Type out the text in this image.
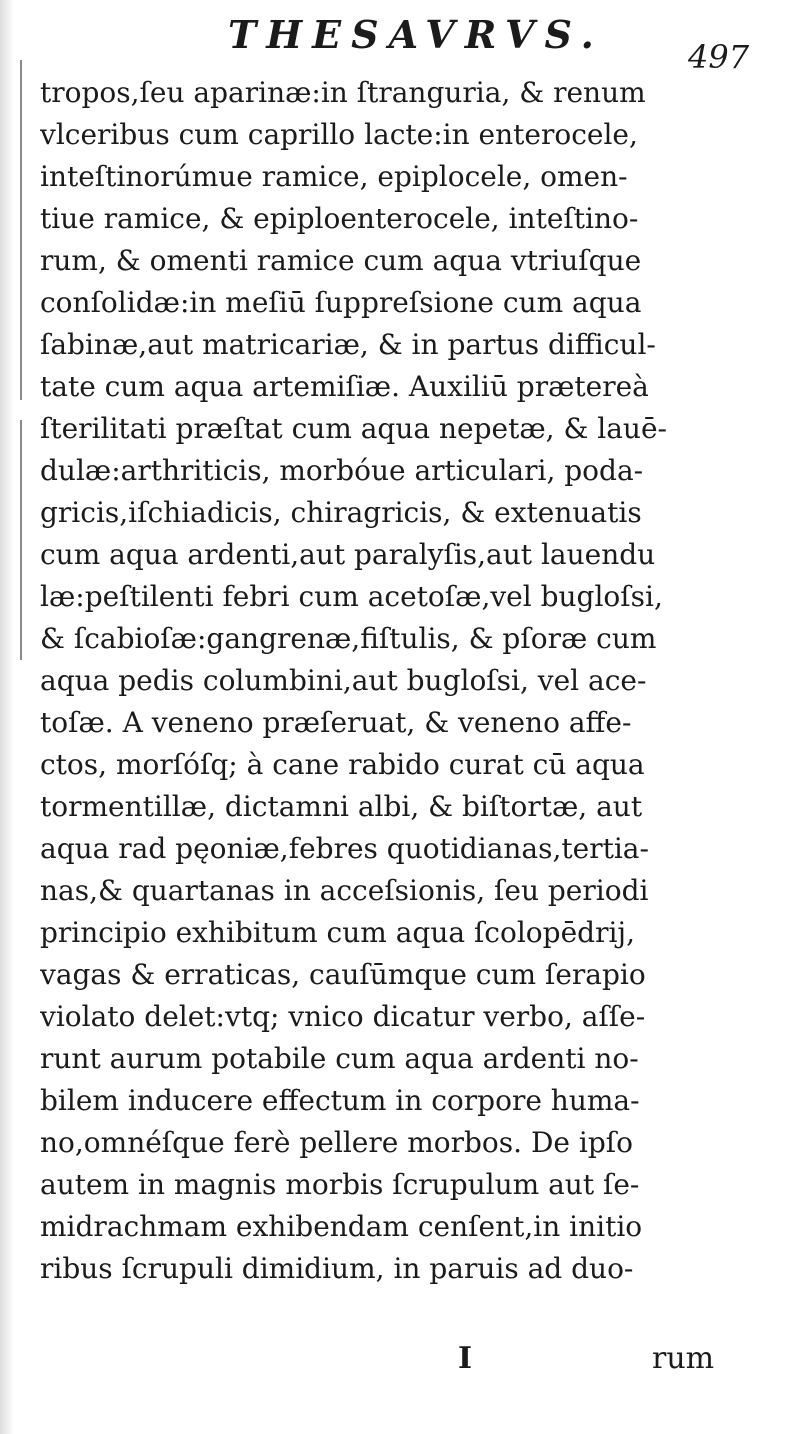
THESAVRVS.	497
tropos,ſeu aparinæ:in ſtranguria, & renum
vlceribus cum caprillo lacte:in enterocele,
inteſtinorúmue ramice, epiplocele, omen-
tiue ramice, & epiploenterocele, inteſtino-
rum, & omenti ramice cum aqua vtriuſque
conſolidæ:in meſiū ſuppreſsione cum aqua
ſabinæ,aut matricariæ, & in partus difficul-
tate cum aqua artemiſiæ. Auxiliū prætereà
ſterilitati præſtat cum aqua nepetæ, & lauē-
dulæ:arthriticis, morbóue articulari, poda-
gricis,iſchiadicis, chiragricis, & extenuatis
cum aqua ardenti,aut paralyſis,aut lauendu
læ:peſtilenti febri cum acetoſæ,vel bugloſsi,
& ſcabioſæ:gangrenæ,fiſtulis, & pſoræ cum
aqua pedis columbini,aut bugloſsi, vel ace-
toſæ. A veneno præſeruat, & veneno affe-
ctos, morſóſq; à cane rabido curat cū aqua
tormentillæ, dictamni albi, & biſtortæ, aut
aqua rad pęoniæ,febres quotidianas,tertia-
nas,& quartanas in acceſsionis, ſeu periodi
principio exhibitum cum aqua ſcolopēdrij,
vagas & erraticas, cauſūmque cum ſerapio
violato delet:vtq; vnico dicatur verbo, aſſe-
runt aurum potabile cum aqua ardenti no-
bilem inducere effectum in corpore huma-
no,omnéſque ferè pellere morbos. De ipſo
autem in magnis morbis ſcrupulum aut ſe-
midrachmam exhibendam cenſent,in initio
ribus ſcrupuli dimidium, in paruis ad duo-
I	rum
